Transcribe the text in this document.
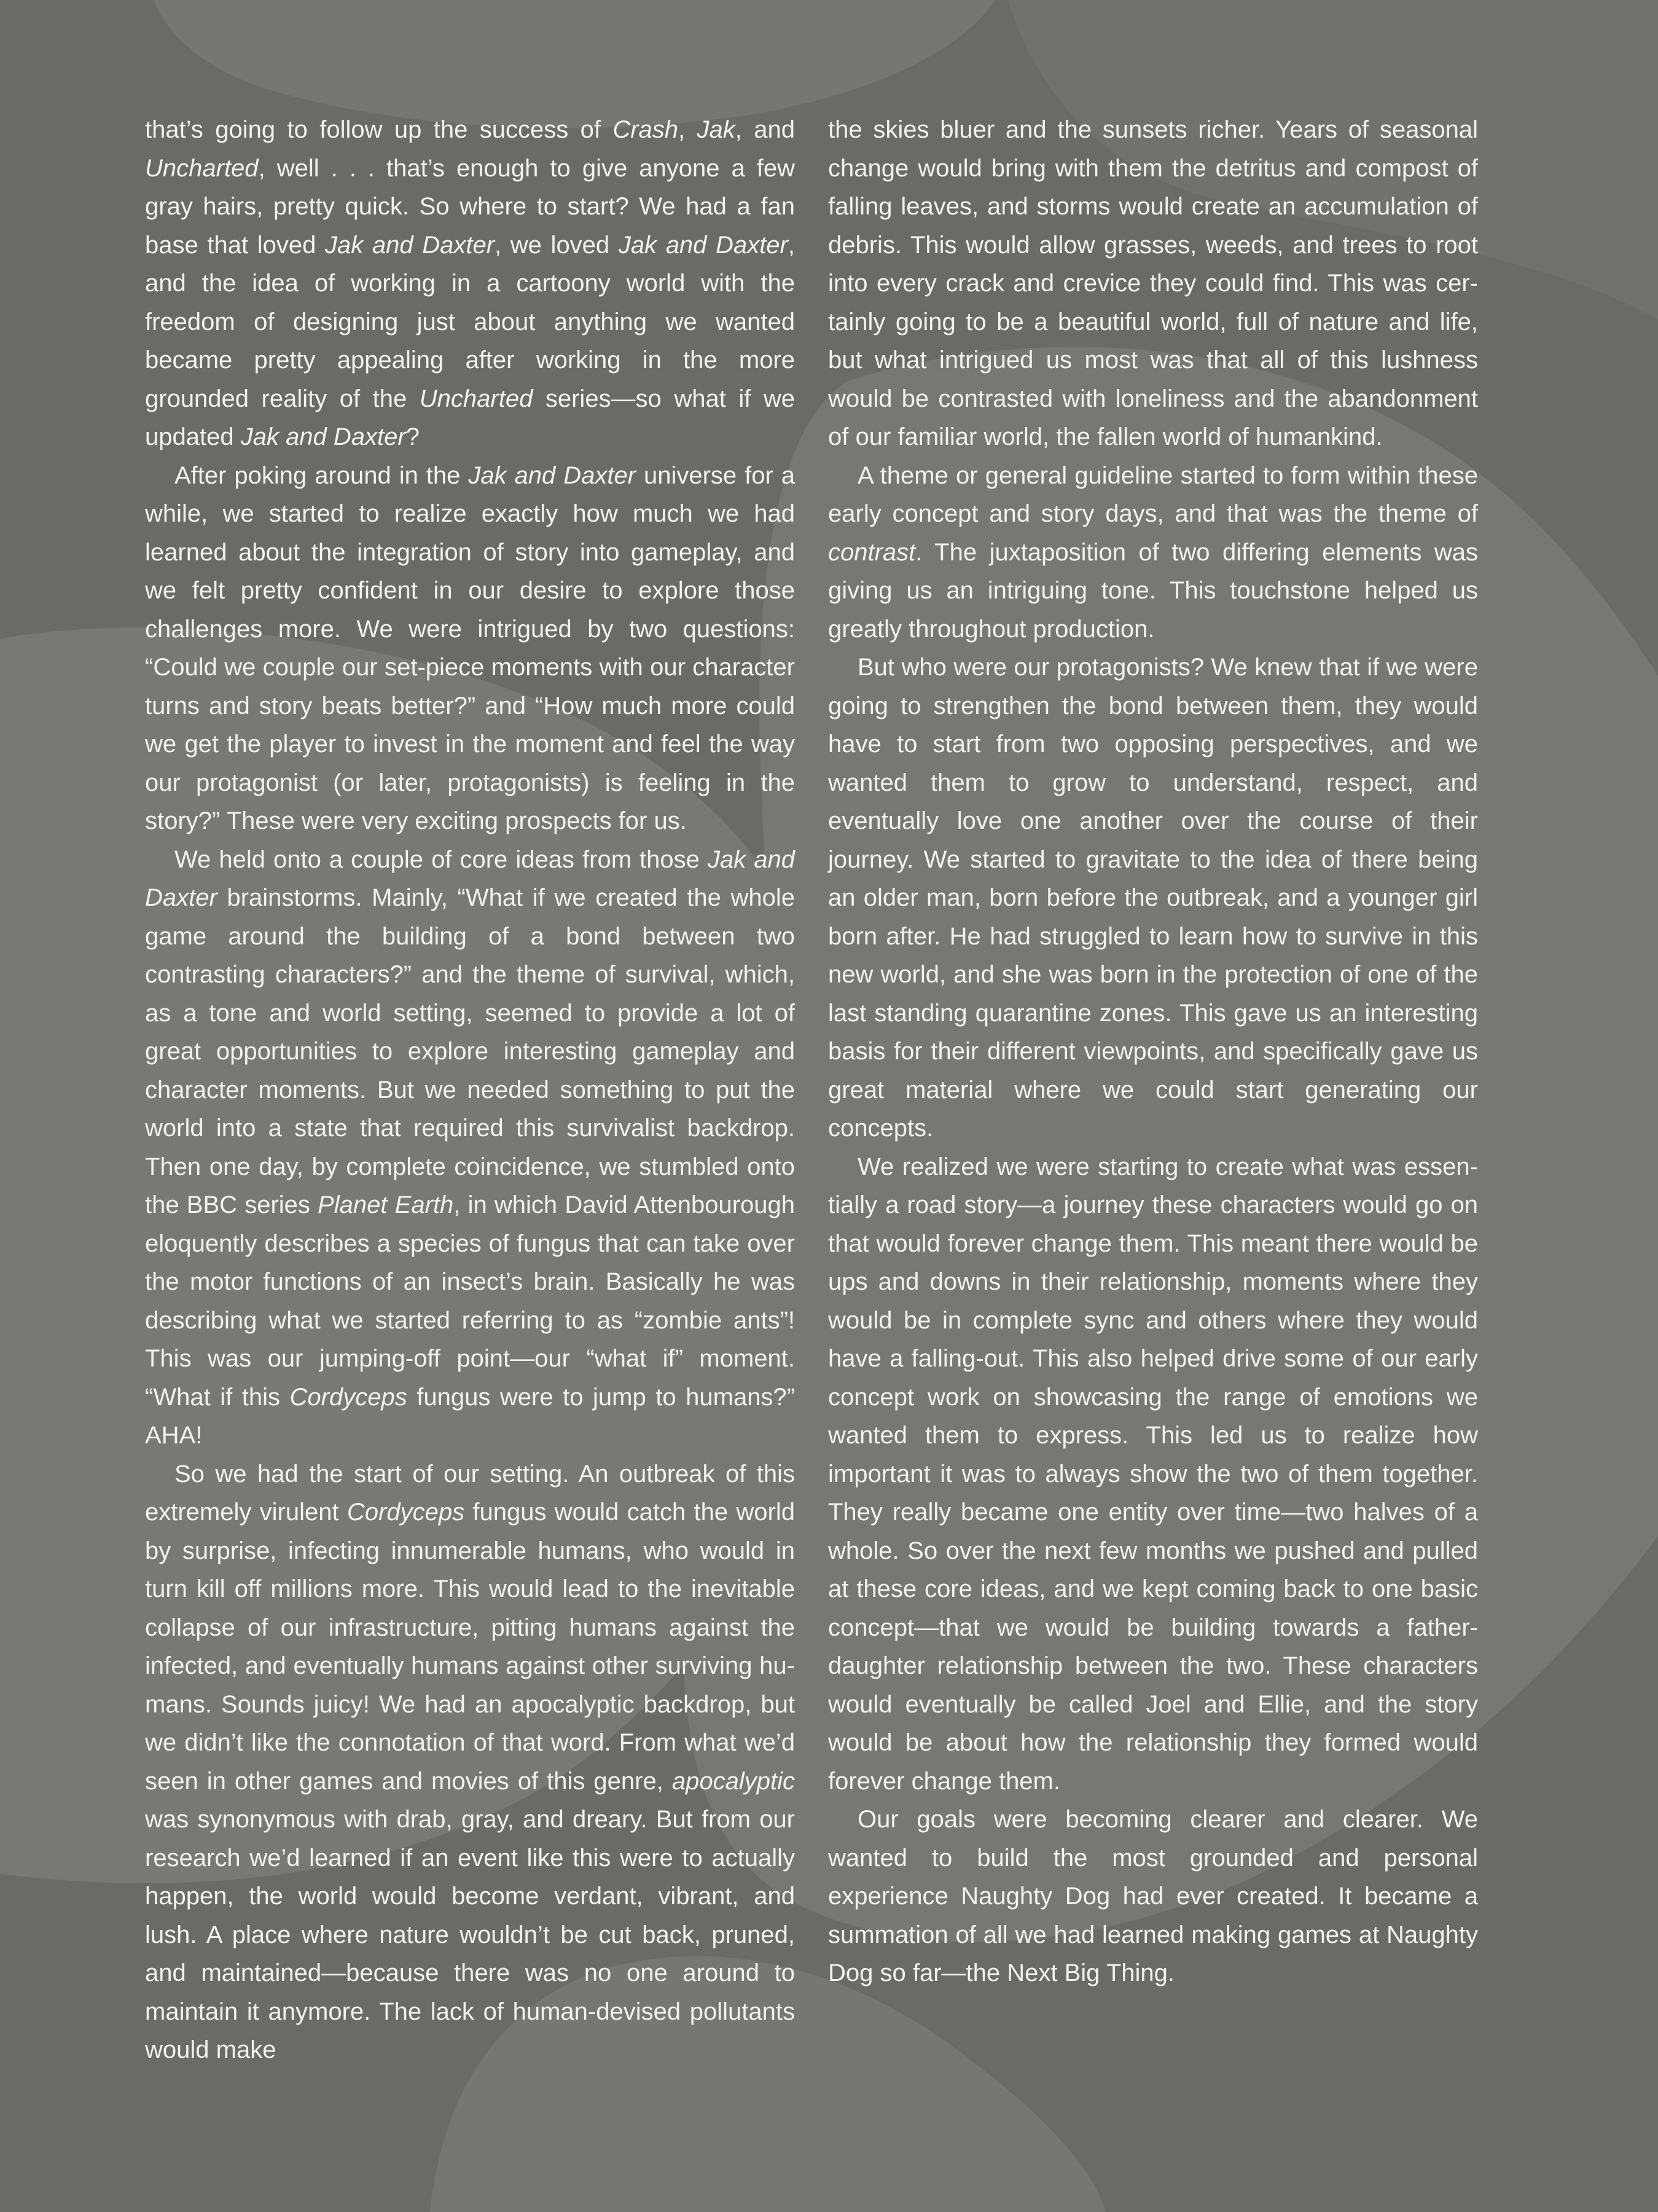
that’s going to follow up the success of Crash, Jak, and Uncharted, well . . . that’s enough to give anyone a few gray hairs, pretty quick. So where to start? We had a fan base that loved Jak and Daxter, we loved Jak and Daxter, and the idea of working in a cartoony world with the freedom of designing just about anything we wanted became pretty appealing after working in the more grounded reality of the Uncharted series—so what if we updated Jak and Daxter?

After poking around in the Jak and Daxter universe for a while, we started to realize exactly how much we had learned about the integration of story into gameplay, and we felt pretty confident in our desire to explore those challenges more. We were intrigued by two questions: “Could we couple our set-piece moments with our character turns and story beats better?” and “How much more could we get the player to invest in the moment and feel the way our protagonist (or later, protagonists) is feeling in the story?” These were very exciting prospects for us.

We held onto a couple of core ideas from those Jak and Daxter brainstorms. Mainly, “What if we created the whole game around the building of a bond between two contrasting characters?” and the theme of survival, which, as a tone and world setting, seemed to provide a lot of great opportunities to explore interesting gameplay and character moments. But we needed something to put the world into a state that required this survivalist backdrop. Then one day, by complete coincidence, we stumbled onto the BBC series Planet Earth, in which David Attenbourough eloquently describes a species of fungus that can take over the motor functions of an insect’s brain. Basically he was describing what we started referring to as “zombie ants”! This was our jumping-off point—our “what if” moment. “What if this Cordyceps fungus were to jump to humans?” AHA!

So we had the start of our setting. An outbreak of this extremely virulent Cordyceps fungus would catch the world by surprise, infecting innumerable humans, who would in turn kill off millions more. This would lead to the inevitable collapse of our infrastructure, pitting humans against the infected, and eventually humans against other surviving humans. Sounds juicy! We had an apocalyptic backdrop, but we didn’t like the connotation of that word. From what we’d seen in other games and movies of this genre, apocalyptic was synonymous with drab, gray, and dreary. But from our research we’d learned if an event like this were to actually happen, the world would become verdant, vibrant, and lush. A place where nature wouldn’t be cut back, pruned, and maintained—because there was no one around to maintain it anymore. The lack of human-devised pollutants would make

the skies bluer and the sunsets richer. Years of seasonal change would bring with them the detritus and compost of falling leaves, and storms would create an accumulation of debris. This would allow grasses, weeds, and trees to root into every crack and crevice they could find. This was certainly going to be a beautiful world, full of nature and life, but what intrigued us most was that all of this lushness would be contrasted with loneliness and the abandonment of our familiar world, the fallen world of humankind.

A theme or general guideline started to form within these early concept and story days, and that was the theme of contrast. The juxtaposition of two differing elements was giving us an intriguing tone. This touchstone helped us greatly throughout production.

But who were our protagonists? We knew that if we were going to strengthen the bond between them, they would have to start from two opposing perspectives, and we wanted them to grow to understand, respect, and eventually love one another over the course of their journey. We started to gravitate to the idea of there being an older man, born before the outbreak, and a younger girl born after. He had struggled to learn how to survive in this new world, and she was born in the protection of one of the last standing quarantine zones. This gave us an interesting basis for their different viewpoints, and specifically gave us great material where we could start generating our concepts.

We realized we were starting to create what was essentially a road story—a journey these characters would go on that would forever change them. This meant there would be ups and downs in their relationship, moments where they would be in complete sync and others where they would have a falling-out. This also helped drive some of our early concept work on showcasing the range of emotions we wanted them to express. This led us to realize how important it was to always show the two of them together. They really became one entity over time—two halves of a whole. So over the next few months we pushed and pulled at these core ideas, and we kept coming back to one basic concept—that we would be building towards a father-daughter relationship between the two. These characters would eventually be called Joel and Ellie, and the story would be about how the relationship they formed would forever change them.

Our goals were becoming clearer and clearer. We wanted to build the most grounded and personal experience Naughty Dog had ever created. It became a summation of all we had learned making games at Naughty Dog so far—the Next Big Thing.
